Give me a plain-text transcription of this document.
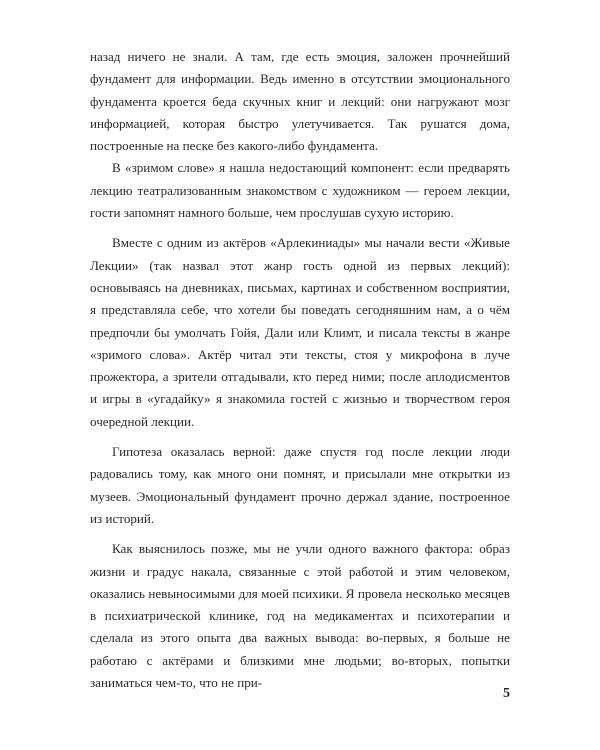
назад ничего не знали. А там, где есть эмоция, заложен прочнейший фундамент для информации. Ведь именно в отсутствии эмоционального фундамента кроется беда скучных книг и лекций: они нагружают мозг информацией, которая быстро улетучивается. Так рушатся дома, построенные на песке без какого-либо фундамента.

В «зримом слове» я нашла недостающий компонент: если предварять лекцию театрализованным знакомством с художником — героем лекции, гости запомнят намного больше, чем прослушав сухую историю.

Вместе с одним из актёров «Арлекиниады» мы начали вести «Живые Лекции» (так назвал этот жанр гость одной из первых лекций): основываясь на дневниках, письмах, картинах и собственном восприятии, я представляла себе, что хотели бы поведать сегодняшним нам, а о чём предпочли бы умолчать Гойя, Дали или Климт, и писала тексты в жанре «зримого слова». Актёр читал эти тексты, стоя у микрофона в луче прожектора, а зрители отгадывали, кто перед ними; после аплодисментов и игры в «угадайку» я знакомила гостей с жизнью и творчеством героя очередной лекции.

Гипотеза оказалась верной: даже спустя год после лекции люди радовались тому, как много они помнят, и присылали мне открытки из музеев. Эмоциональный фундамент прочно держал здание, построенное из историй.

Как выяснилось позже, мы не учли одного важного фактора: образ жизни и градус накала, связанные с этой работой и этим человеком, оказались невыносимыми для моей психики. Я провела несколько месяцев в психиатрической клинике, год на медикаментах и психотерапии и сделала из этого опыта два важных вывода: во-первых, я больше не работаю с актёрами и близкими мне людьми; во-вторых, попытки заниматься чем-то, что не при-

5
